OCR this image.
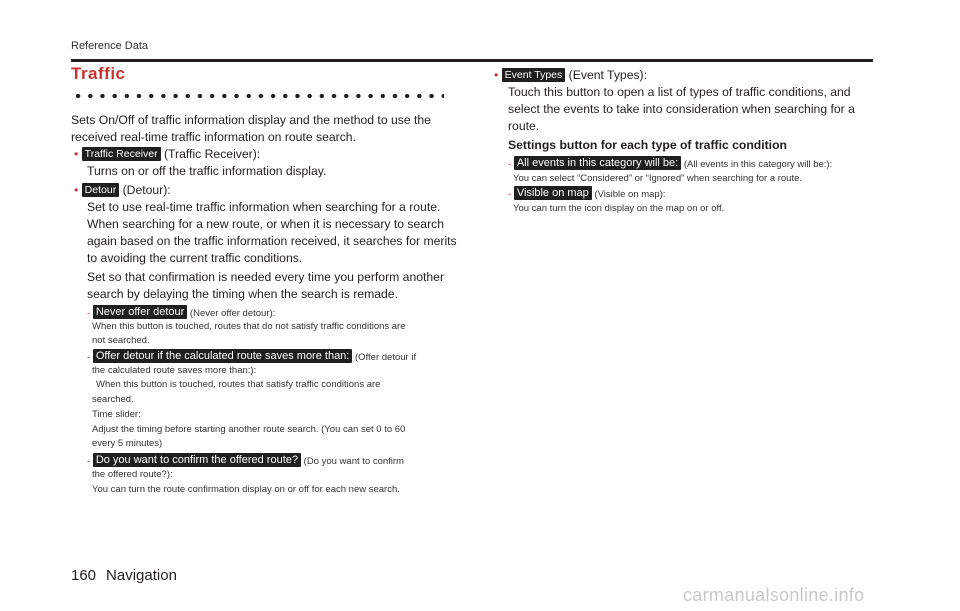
Reference Data
Traffic
Sets On/Off of traffic information display and the method to use the
received real-time traffic information on route search.
• Traffic Receiver (Traffic Receiver):
Turns on or off the traffic information display.
• Detour (Detour):
Set to use real-time traffic information when searching for a route.
When searching for a new route, or when it is necessary to search
again based on the traffic information received, it searches for merits
to avoiding the current traffic conditions.
Set so that confirmation is needed every time you perform another
search by delaying the timing when the search is remade.
- Never offer detour (Never offer detour):
When this button is touched, routes that do not satisfy traffic conditions are
not searched.
- Offer detour if the calculated route saves more than: (Offer detour if
the calculated route saves more than:):
When this button is touched, routes that satisfy traffic conditions are
searched.
Time slider:
Adjust the timing before starting another route search. (You can set 0 to 60
every 5 minutes)
- Do you want to confirm the offered route? (Do you want to confirm
the offered route?):
You can turn the route confirmation display on or off for each new search.
• Event Types (Event Types):
Touch this button to open a list of types of traffic conditions, and
select the events to take into consideration when searching for a
route.
Settings button for each type of traffic condition
- All events in this category will be: (All events in this category will be:):
You can select “Considered” or “Ignored” when searching for a route.
- Visible on map (Visible on map):
You can turn the icon display on the map on or off.
160 Navigation
carmanualsonline.info
